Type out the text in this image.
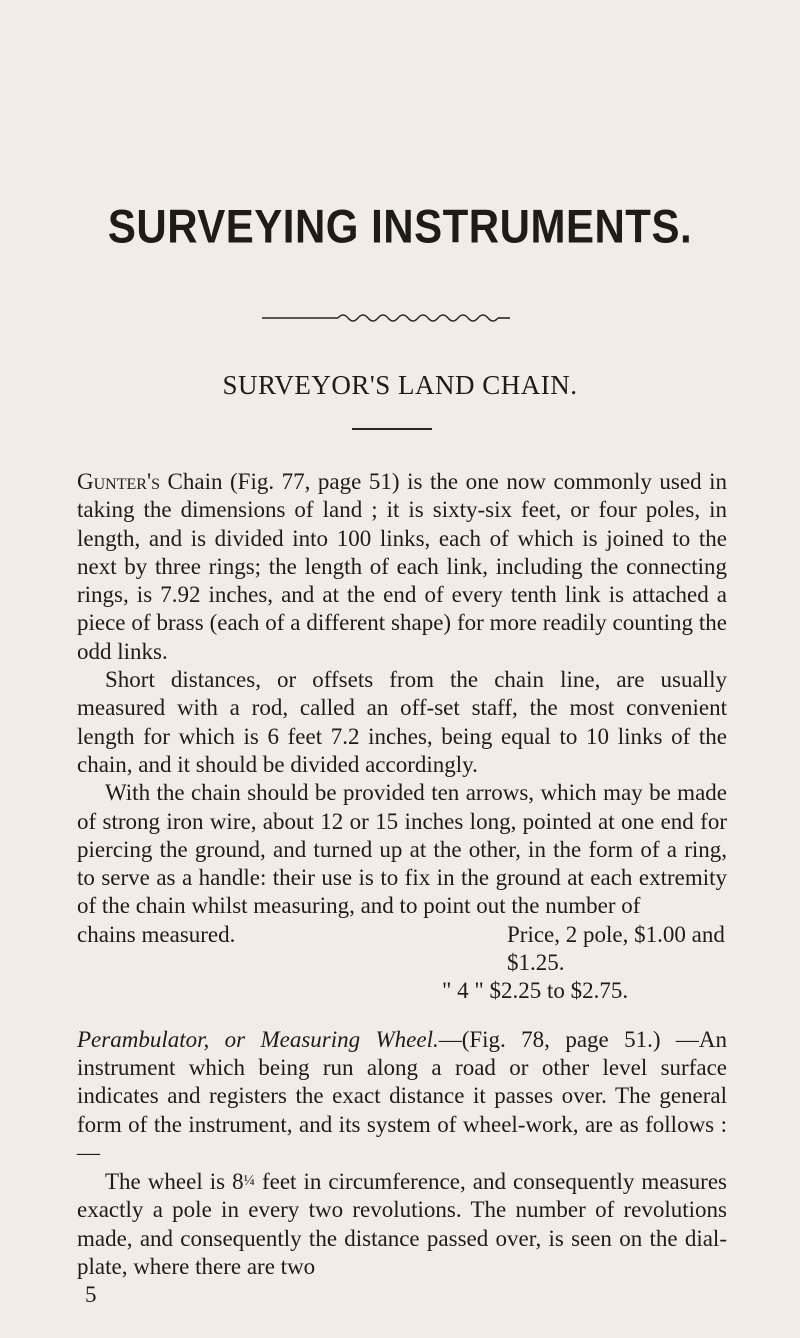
SURVEYING INSTRUMENTS.
SURVEYOR'S LAND CHAIN.

Gunter's Chain (Fig. 77, page 51) is the one now commonly used in taking the dimensions of land ; it is sixty-six feet, or four poles, in length, and is divided into 100 links, each of which is joined to the next by three rings; the length of each link, including the connecting rings, is 7.92 inches, and at the end of every tenth link is attached a piece of brass (each of a different shape) for more readily counting the odd links.

Short distances, or offsets from the chain line, are usually measured with a rod, called an off-set staff, the most convenient length for which is 6 feet 7.2 inches, being equal to 10 links of the chain, and it should be divided accordingly.

With the chain should be provided ten arrows, which may be made of strong iron wire, about 12 or 15 inches long, pointed at one end for piercing the ground, and turned up at the other, in the form of a ring, to serve as a handle: their use is to fix in the ground at each extremity of the chain whilst measuring, and to point out the number of

chains measured.	Price, 2 pole, $1.00 and $1.25.
" 4 " $2.25 to $2.75.

Perambulator, or Measuring Wheel.—(Fig. 78, page 51.) —An instrument which being run along a road or other level surface indicates and registers the exact distance it passes over. The general form of the instrument, and its system of wheel-work, are as follows :—

The wheel is 8¼ feet in circumference, and consequently measures exactly a pole in every two revolutions. The number of revolutions made, and consequently the distance passed over, is seen on the dial-plate, where there are two

5
